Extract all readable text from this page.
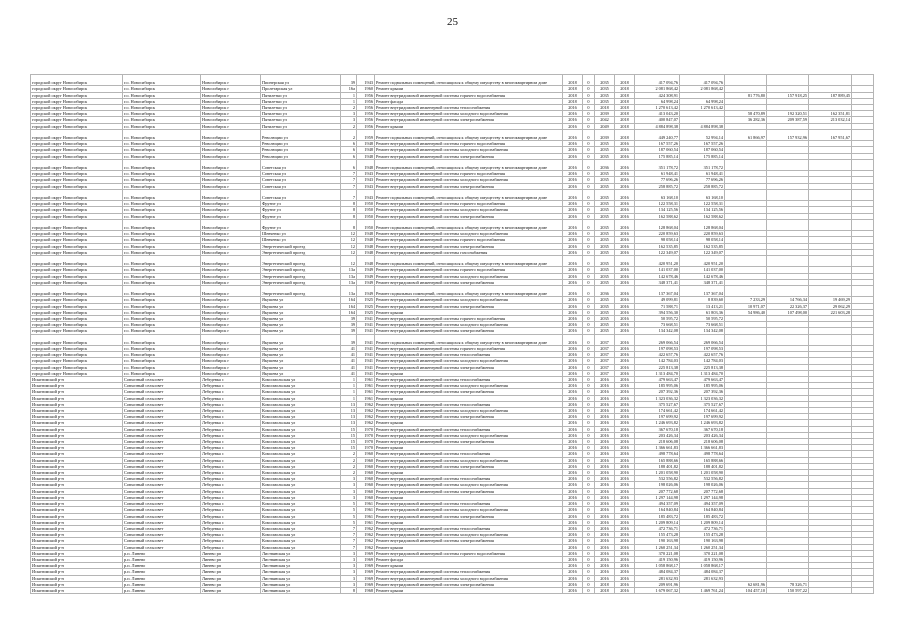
25
городской округ Новосибирск	г.о. Новосибирск	Новосибирск г	Пионерская ул	39	1943	Ремонт подвальных помещений, относящихся к общему имуществу в многоквартирном доме	2018	0	2035	2018	417 094,76	417 094,76				
городской округ Новосибирск	г.о. Новосибирск	Новосибирск г	Пролетарская ул	16а	1960	Ремонт крыши	2018	0	2035	2018	2 081 868,42	2 081 868,42				
городской округ Новосибирск	г.о. Новосибирск	Новосибирск г	Пятилетки ул	1	1956	Ремонт внутридомовой инженерной системы горячего водоснабжения	2018	0	2035	2018	424 308,91		81 776,80	157 918,25	187 889,45	
городской округ Новосибирск	г.о. Новосибирск	Новосибирск г	Пятилетки ул	1	1956	Ремонт фасада	2018	0	2035	2018	64 998,24	64 998,24				
городской округ Новосибирск	г.о. Новосибирск	Новосибирск г	Пятилетки ул	2	1956	Ремонт внутридомовой инженерной системы теплоснабжения	2016	0	2018	2018	1 270 613,42	1 270 613,42				
городской округ Новосибирск	г.о. Новосибирск	Новосибирск г	Пятилетки ул	3	1956	Ремонт внутридомовой инженерной системы холодного водоснабжения	2016	0	2039	2018	413 043,20		58 470,89	192 320,51	162 351,81	
городской округ Новосибирск	г.о. Новосибирск	Новосибирск г	Пятилетки ул	3	1956	Ремонт внутридомовой инженерной системы электроснабжения	2016	0	2042	2018	400 847,07		36 282,36	209 387,59	213 032,14	
городской округ Новосибирск	г.о. Новосибирск	Новосибирск г	Пятилетки ул	2	1956	Ремонт крыши	2016	0	2049	2018	4 884 898,38	4 884 898,38				
городской округ Новосибирск	г.о. Новосибирск	Новосибирск г	Революции ул	2	1959	Ремонт подвальных помещений, относящихся к общему имуществу в многоквартирном доме	2016	0	2039	2018	449 240,77	52 994,14	61 866,97	157 932,96	167 951,67	
городской округ Новосибирск	г.о. Новосибирск	Новосибирск г	Революции ул	6	1948	Ремонт внутридомовой инженерной системы горячего водоснабжения	2016	0	2035	2016	167 557,26	167 557,26				
городской округ Новосибирск	г.о. Новосибирск	Новосибирск г	Революции ул	6	1948	Ремонт внутридомовой инженерной системы холодного водоснабжения	2016	0	2035	2016	187 060,54	187 060,54				
городской округ Новосибирск	г.о. Новосибирск	Новосибирск г	Революции ул	6	1948	Ремонт внутридомовой инженерной системы электроснабжения	2016	0	2035	2016	175 885,14	175 885,14				
городской округ Новосибирск	г.о. Новосибирск	Новосибирск г	Советская ул	6	1948	Ремонт подвальных помещений, относящихся к общему имуществу в многоквартирном доме	2016	0	2036	2016	351 178,72	351 178,72				
городской округ Новосибирск	г.о. Новосибирск	Новосибирск г	Советская ул	7	1943	Ремонт внутридомовой инженерной системы горячего водоснабжения	2016	0	2035	2016	61 948,41	61 948,41				
городской округ Новосибирск	г.о. Новосибирск	Новосибирск г	Советская ул	7	1943	Ремонт внутридомовой инженерной системы холодного водоснабжения	2016	0	2035	2016	77 696,26	77 696,26				
городской округ Новосибирск	г.о. Новосибирск	Новосибирск г	Советская ул	7	1943	Ремонт внутридомовой инженерной системы электроснабжения	2016	0	2035	2016	258 885,72	258 885,72				
городской округ Новосибирск	г.о. Новосибирск	Новосибирск г	Советская ул	7	1943	Ремонт подвальных помещений, относящихся к общему имуществу в многоквартирном доме	2016	0	2035	2016	63 168,10	63 168,10				
городской округ Новосибирск	г.о. Новосибирск	Новосибирск г	Фрунзе ул	8	1950	Ремонт внутридомовой инженерной системы горячего водоснабжения	2016	0	2035	2016	122 558,31	122 558,31				
городской округ Новосибирск	г.о. Новосибирск	Новосибирск г	Фрунзе ул	8	1950	Ремонт внутридомовой инженерной системы холодного водоснабжения	2016	0	2035	2016	134 125,56	134 125,56				
городской округ Новосибирск	г.о. Новосибирск	Новосибирск г	Фрунзе ул	8	1950	Ремонт внутридомовой инженерной системы электроснабжения	2016	0	2035	2016	162 588,62	162 588,62				
городской округ Новосибирск	г.о. Новосибирск	Новосибирск г	Фрунзе ул	8	1950	Ремонт подвальных помещений, относящихся к общему имуществу в многоквартирном доме	2016	0	2035	2016	128 868,04	128 868,04				
городской округ Новосибирск	г.о. Новосибирск	Новосибирск г	Шевченко ул	12	1948	Ремонт внутридомовой инженерной системы холодного водоснабжения	2016	0	2035	2016	220 859,63	220 859,63				
городской округ Новосибирск	г.о. Новосибирск	Новосибирск г	Шевченко ул	12	1948	Ремонт внутридомовой инженерной системы горячего водоснабжения	2016	0	2035	2016	98 058,14	98 058,14				
городской округ Новосибирск	г.о. Новосибирск	Новосибирск г	Энергетический проезд	12	1948	Ремонт внутридомовой инженерной системы электроснабжения	2016	0	2035	2016	162 535,85	162 535,85				
городской округ Новосибирск	г.о. Новосибирск	Новосибирск г	Энергетический проезд	12	1948	Ремонт внутридомовой инженерной системы газоснабжения	2016	0	2035	2016	122 349,07	122 349,07				
городской округ Новосибирск	г.о. Новосибирск	Новосибирск г	Энергетический проезд	12	1948	Ремонт подвальных помещений, относящихся к общему имуществу в многоквартирном доме	2016	0	2035	2016	420 951,20	420 951,20				
городской округ Новосибирск	г.о. Новосибирск	Новосибирск г	Энергетический проезд	13а	1949	Ремонт внутридомовой инженерной системы горячего водоснабжения	2016	0	2035	2016	141 037,00	141 037,00				
городской округ Новосибирск	г.о. Новосибирск	Новосибирск г	Энергетический проезд	13а	1949	Ремонт внутридомовой инженерной системы холодного водоснабжения	2016	0	2035	2016	142 678,46	142 678,46				
городской округ Новосибирск	г.о. Новосибирск	Новосибирск г	Энергетический проезд	13а	1949	Ремонт внутридомовой инженерной системы электроснабжения	2016	0	2035	2016	348 371,41	348 371,41				
городской округ Новосибирск	г.о. Новосибирск	Новосибирск г	Энергетический проезд	13а	1949	Ремонт подвальных помещений, относящихся к общему имуществу в многоквартирном доме	2016	0	2036	2016	137 367,04	137 367,04				
городской округ Новосибирск	г.о. Новосибирск	Новосибирск г	Якушева ул	164	1925	Ремонт внутридомовой инженерной системы холодного водоснабжения	2016	0	2035	2016	49 099,81	8 839,60	7 233,29	14 766,34	19 469,29	
городской округ Новосибирск	г.о. Новосибирск	Новосибирск г	Якушева ул	164	1925	Ремонт внутридомовой инженерной системы электроснабжения	2016	0	2035	2016	71 588,71	13 413,21	10 971,07	22 326,37	29 062,29	
городской округ Новосибирск	г.о. Новосибирск	Новосибирск г	Якушева ул	164	1925	Ремонт крыши	2016	0	2035	2016	394 556,30	61 803,36	54 986,40	107 498,00	221 603,28	
городской округ Новосибирск	г.о. Новосибирск	Новосибирск г	Якушева ул	39	1941	Ремонт внутридомовой инженерной системы горячего водоснабжения	2016	0	2035	2016	50 595,72	50 595,72				
городской округ Новосибирск	г.о. Новосибирск	Новосибирск г	Якушева ул	39	1941	Ремонт внутридомовой инженерной системы холодного водоснабжения	2016	0	2035	2016	73 668,51	73 668,51				
городской округ Новосибирск	г.о. Новосибирск	Новосибирск г	Якушева ул	39	1941	Ремонт внутридомовой инженерной системы электроснабжения	2016	0	2035	2016	134 342,08	134 342,08				
городской округ Новосибирск	г.о. Новосибирск	Новосибирск г	Якушева ул	39	1941	Ремонт подвальных помещений, относящихся к общему имуществу в многоквартирном доме	2016	0	2037	2016	269 066,54	269 066,54				
городской округ Новосибирск	г.о. Новосибирск	Новосибирск г	Якушева ул	41	1941	Ремонт внутридомовой инженерной системы горячего водоснабжения	2016	0	2037	2016	197 098,53	197 098,53				
городской округ Новосибирск	г.о. Новосибирск	Новосибирск г	Якушева ул	41	1941	Ремонт внутридомовой инженерной системы теплоснабжения	2016	0	2037	2016	422 657,76	422 657,76				
городской округ Новосибирск	г.о. Новосибирск	Новосибирск г	Якушева ул	41	1941	Ремонт внутридомовой инженерной системы холодного водоснабжения	2016	0	2037	2016	142 784,03	142 784,03				
городской округ Новосибирск	г.о. Новосибирск	Новосибирск г	Якушева ул	41	1941	Ремонт внутридомовой инженерной системы электроснабжения	2016	0	2037	2016	225 813,38	225 813,38				
городской округ Новосибирск	г.о. Новосибирск	Новосибирск г	Якушева ул	41	1941	Ремонт крыши	2016	0	2037	2016	1 313 484,70	1 313 484,70				
Искитимский р-н	Совхозный сельсовет	Лебедевка с	Комсомольская ул	1	1961	Ремонт внутридомовой инженерной системы теплоснабжения	2016	0	2016	2016	479 663,47	479 663,47				
Искитимский р-н	Совхозный сельсовет	Лебедевка с	Комсомольская ул	1	1961	Ремонт внутридомовой инженерной системы холодного водоснабжения	2016	0	2016	2016	185 995,06	185 995,06				
Искитимский р-н	Совхозный сельсовет	Лебедевка с	Комсомольская ул	1	1961	Ремонт внутридомовой инженерной системы электроснабжения	2016	0	2016	2016	207 392,36	207 392,36				
Искитимский р-н	Совхозный сельсовет	Лебедевка с	Комсомольская ул	1	1961	Ремонт крыши	2016	0	2016	2016	1 323 036,32	1 323 036,32				
Искитимский р-н	Совхозный сельсовет	Лебедевка с	Комсомольская ул	13	1962	Ремонт внутридомовой инженерной системы теплоснабжения	2016	0	2016	2016	375 527,67	375 527,67				
Искитимский р-н	Совхозный сельсовет	Лебедевка с	Комсомольская ул	13	1962	Ремонт внутридомовой инженерной системы холодного водоснабжения	2016	0	2016	2016	174 661,42	174 661,42				
Искитимский р-н	Совхозный сельсовет	Лебедевка с	Комсомольская ул	13	1962	Ремонт внутридомовой инженерной системы электроснабжения	2016	0	2016	2016	197 699,92	197 699,92				
Искитимский р-н	Совхозный сельсовет	Лебедевка с	Комсомольская ул	13	1962	Ремонт крыши	2016	0	2016	2016	1 246 693,82	1 246 693,82				
Искитимский р-н	Совхозный сельсовет	Лебедевка с	Комсомольская ул	15	1970	Ремонт внутридомовой инженерной системы теплоснабжения	2016	0	2016	2016	367 670,18	367 670,18				
Искитимский р-н	Совхозный сельсовет	Лебедевка с	Комсомольская ул	15	1970	Ремонт внутридомовой инженерной системы холодного водоснабжения	2016	0	2016	2016	203 426,34	203 426,34				
Искитимский р-н	Совхозный сельсовет	Лебедевка с	Комсомольская ул	15	1970	Ремонт внутридомовой инженерной системы электроснабжения	2016	0	2016	2016	218 606,08	218 606,08				
Искитимский р-н	Совхозный сельсовет	Лебедевка с	Комсомольская ул	15	1970	Ремонт крыши	2016	0	2016	2016	1 366 661,83	1 366 661,83				
Искитимский р-н	Совхозный сельсовет	Лебедевка с	Комсомольская ул	2	1960	Ремонт внутридомовой инженерной системы теплоснабжения	2016	0	2016	2016	498 778,64	498 778,64				
Искитимский р-н	Совхозный сельсовет	Лебедевка с	Комсомольская ул	2	1960	Ремонт внутридомовой инженерной системы холодного водоснабжения	2016	0	2016	2016	165 888,66	165 888,66				
Искитимский р-н	Совхозный сельсовет	Лебедевка с	Комсомольская ул	2	1960	Ремонт внутридомовой инженерной системы электроснабжения	2016	0	2016	2016	188 401,82	188 401,82				
Искитимский р-н	Совхозный сельсовет	Лебедевка с	Комсомольская ул	2	1960	Ремонт крыши	2016	0	2016	2016	1 201 058,90	1 201 058,90				
Искитимский р-н	Совхозный сельсовет	Лебедевка с	Комсомольская ул	3	1960	Ремонт внутридомовой инженерной системы теплоснабжения	2016	0	2016	2016	532 556,82	532 556,82				
Искитимский р-н	Совхозный сельсовет	Лебедевка с	Комсомольская ул	3	1960	Ремонт внутридомовой инженерной системы холодного водоснабжения	2016	0	2016	2016	198 026,06	198 026,06				
Искитимский р-н	Совхозный сельсовет	Лебедевка с	Комсомольская ул	3	1960	Ремонт внутридомовой инженерной системы электроснабжения	2016	0	2016	2016	207 772,68	207 772,68				
Искитимский р-н	Совхозный сельсовет	Лебедевка с	Комсомольская ул	3	1960	Ремонт крыши	2016	0	2016	2016	1 297 144,98	1 297 144,98				
Искитимский р-н	Совхозный сельсовет	Лебедевка с	Комсомольская ул	5	1961	Ремонт внутридомовой инженерной системы теплоснабжения	2016	0	2016	2016	494 357,09	494 357,09				
Искитимский р-н	Совхозный сельсовет	Лебедевка с	Комсомольская ул	5	1961	Ремонт внутридомовой инженерной системы холодного водоснабжения	2016	0	2016	2016	164 840,84	164 840,84				
Искитимский р-н	Совхозный сельсовет	Лебедевка с	Комсомольская ул	5	1961	Ремонт внутридомовой инженерной системы электроснабжения	2016	0	2016	2016	185 483,72	185 483,72				
Искитимский р-н	Совхозный сельсовет	Лебедевка с	Комсомольская ул	5	1961	Ремонт крыши	2016	0	2016	2016	1 209 809,14	1 209 809,14				
Искитимский р-н	Совхозный сельсовет	Лебедевка с	Комсомольская ул	7	1962	Ремонт внутридомовой инженерной системы теплоснабжения	2016	0	2016	2016	472 736,71	472 736,71				
Искитимский р-н	Совхозный сельсовет	Лебедевка с	Комсомольская ул	7	1962	Ремонт внутридомовой инженерной системы холодного водоснабжения	2016	0	2016	2016	155 473,28	155 473,28				
Искитимский р-н	Совхозный сельсовет	Лебедевка с	Комсомольская ул	7	1962	Ремонт внутридомовой инженерной системы электроснабжения	2016	0	2016	2016	190 163,98	190 163,98				
Искитимский р-н	Совхозный сельсовет	Лебедевка с	Комсомольская ул	7	1962	Ремонт крыши	2016	0	2016	2016	1 260 251,34	1 260 251,34				
Искитимский р-н	р.п. Линево	Линево рп	Листвянская ул	3	1969	Ремонт внутридомовой инженерной системы горячего водоснабжения	2016	0	2016	2016	370 221,08	370 221,08				
Искитимский р-н	р.п. Линево	Линево рп	Листвянская ул	3	1969	Ремонт фасада	2016	0	2016	2016	419 150,96	419 150,96				
Искитимский р-н	р.п. Линево	Линево рп	Листвянская ул	3	1969	Ремонт крыши	2016	0	2016	2016	1 058 868,17	1 058 868,17				
Искитимский р-н	р.п. Линево	Линево рп	Листвянская ул	3	1969	Ремонт внутридомовой инженерной системы теплоснабжения	2016	0	2016	2016	484 084,37	484 084,37				
Искитимский р-н	р.п. Линево	Линево рп	Листвянская ул	3	1969	Ремонт внутридомовой инженерной системы холодного водоснабжения	2016	0	2016	2016	281 632,93	281 632,93				
Искитимский р-н	р.п. Линево	Линево рп	Листвянская ул	3	1969	Ремонт внутридомовой инженерной системы электроснабжения	2016	0	2018	2016	209 691,96		62 681,96	78 326,71		
Искитимский р-н	р.п. Линево	Линево рп	Листвянская ул	8	1968	Ремонт крыши	2016	0	2018	2016	1 679 067,32	1 469 761,24	104 457,10	150 597,22		
